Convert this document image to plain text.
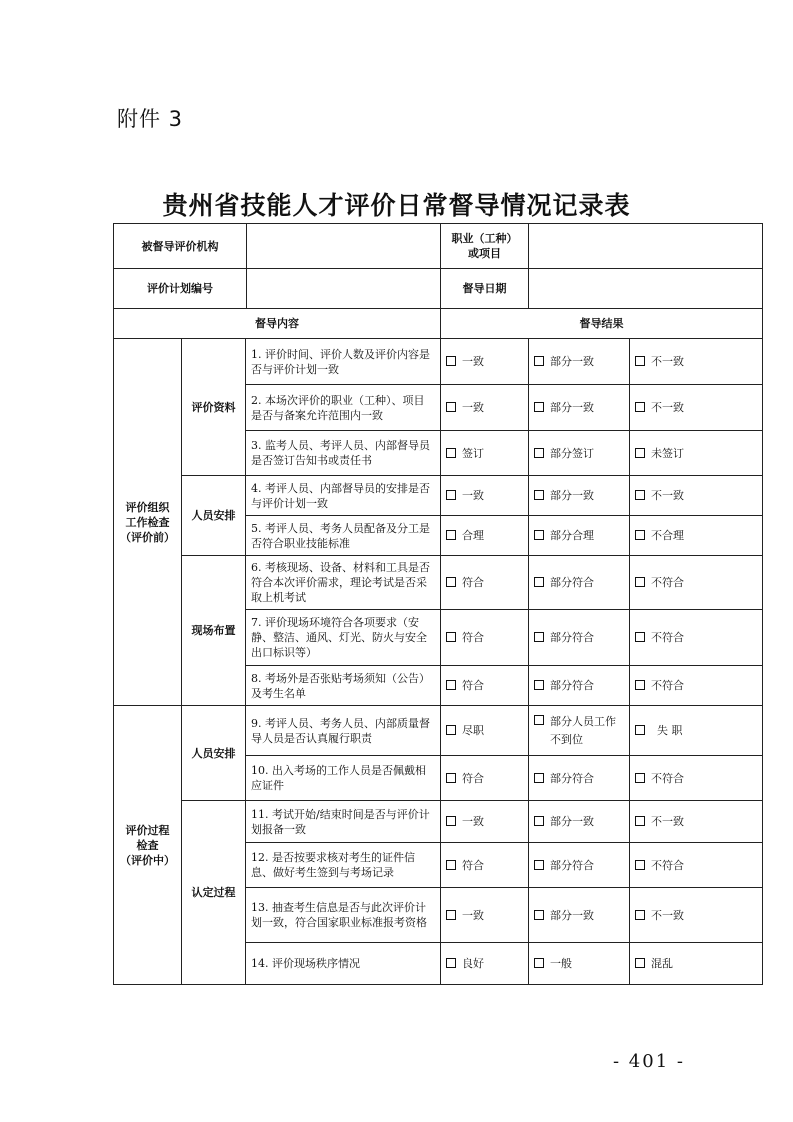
附件 3
贵州省技能人才评价日常督导情况记录表
被督导评价机构			职业（工种）
或项目		

评价计划编号			督导日期		
督导内容			督导结果		

评价组织
工作检查
（评价前）	评价资料	1. 评价时间、评价人数及评价内容是否与评价计划一致	一致	部分一致	不一致
		2. 本场次评价的职业（工种）、项目是否与备案允许范围内一致	一致	部分一致	不一致
		3. 监考人员、考评人员、内部督导员是否签订告知书或责任书	签订	部分签订	未签订
	人员安排	4. 考评人员、内部督导员的安排是否与评价计划一致	一致	部分一致	不一致
		5. 考评人员、考务人员配备及分工是否符合职业技能标准	合理	部分合理	不合理
	现场布置	6. 考核现场、设备、材料和工具是否符合本次评价需求，理论考试是否采取上机考试	符合	部分符合	不符合
		7. 评价现场环境符合各项要求（安静、整洁、通风、灯光、防火与安全出口标识等）	符合	部分符合	不符合
		8. 考场外是否张贴考场须知（公告）及考生名单	符合	部分符合	不符合

评价过程
检查
（评价中）	人员安排	9. 考评人员、考务人员、内部质量督导人员是否认真履行职责	尽职	部分人员工作不到位	失 职
		10. 出入考场的工作人员是否佩戴相应证件	符合	部分符合	不符合
	认定过程	11. 考试开始/结束时间是否与评价计划报备一致	一致	部分一致	不一致
		12. 是否按要求核对考生的证件信息、做好考生签到与考场记录	符合	部分符合	不符合
		13. 抽查考生信息是否与此次评价计划一致，符合国家职业标准报考资格	一致	部分一致	不一致
		14. 评价现场秩序情况	良好	一般	混乱
- 401 -
